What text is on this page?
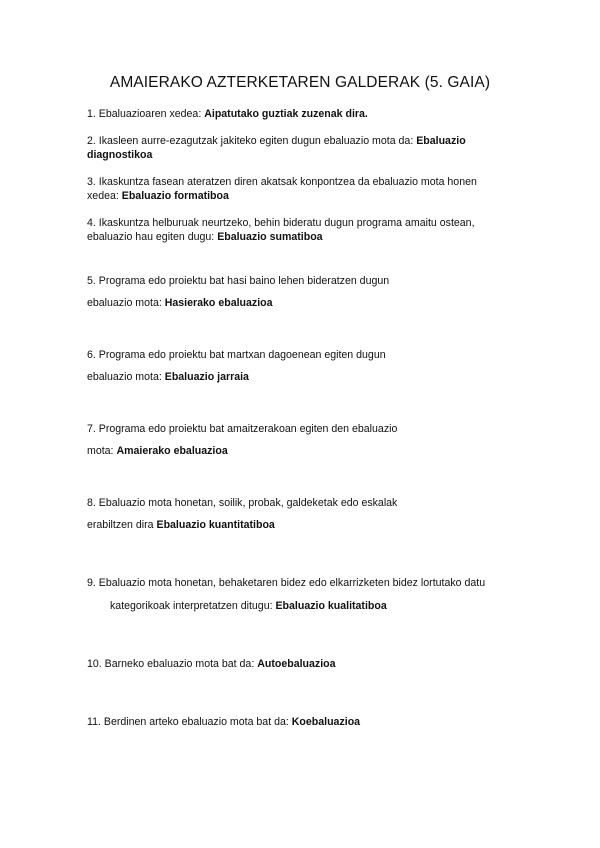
AMAIERAKO AZTERKETAREN GALDERAK (5. GAIA)

1. Ebaluazioaren xedea: Aipatutako guztiak zuzenak dira.

2. Ikasleen aurre-ezagutzak jakiteko egiten dugun ebaluazio mota da: Ebaluazio

diagnostikoa

3. Ikaskuntza fasean ateratzen diren akatsak konpontzea da ebaluazio mota honen

xedea: Ebaluazio formatiboa

4. Ikaskuntza helburuak neurtzeko, behin bideratu dugun programa amaitu ostean,

ebaluazio hau egiten dugu: Ebaluazio sumatiboa

5. Programa edo proiektu bat hasi baino lehen bideratzen dugun

ebaluazio mota: Hasierako ebaluazioa

6. Programa edo proiektu bat martxan dagoenean egiten dugun

ebaluazio mota: Ebaluazio jarraia

7. Programa edo proiektu bat amaitzerakoan egiten den ebaluazio

mota: Amaierako ebaluazioa

8. Ebaluazio mota honetan, soilik, probak, galdeketak edo eskalak

erabiltzen dira Ebaluazio kuantitatiboa

9. Ebaluazio mota honetan, behaketaren bidez edo elkarrizketen bidez lortutako datu

kategorikoak interpretatzen ditugu: Ebaluazio kualitatiboa

10. Barneko ebaluazio mota bat da: Autoebaluazioa

11. Berdinen arteko ebaluazio mota bat da: Koebaluazioa
